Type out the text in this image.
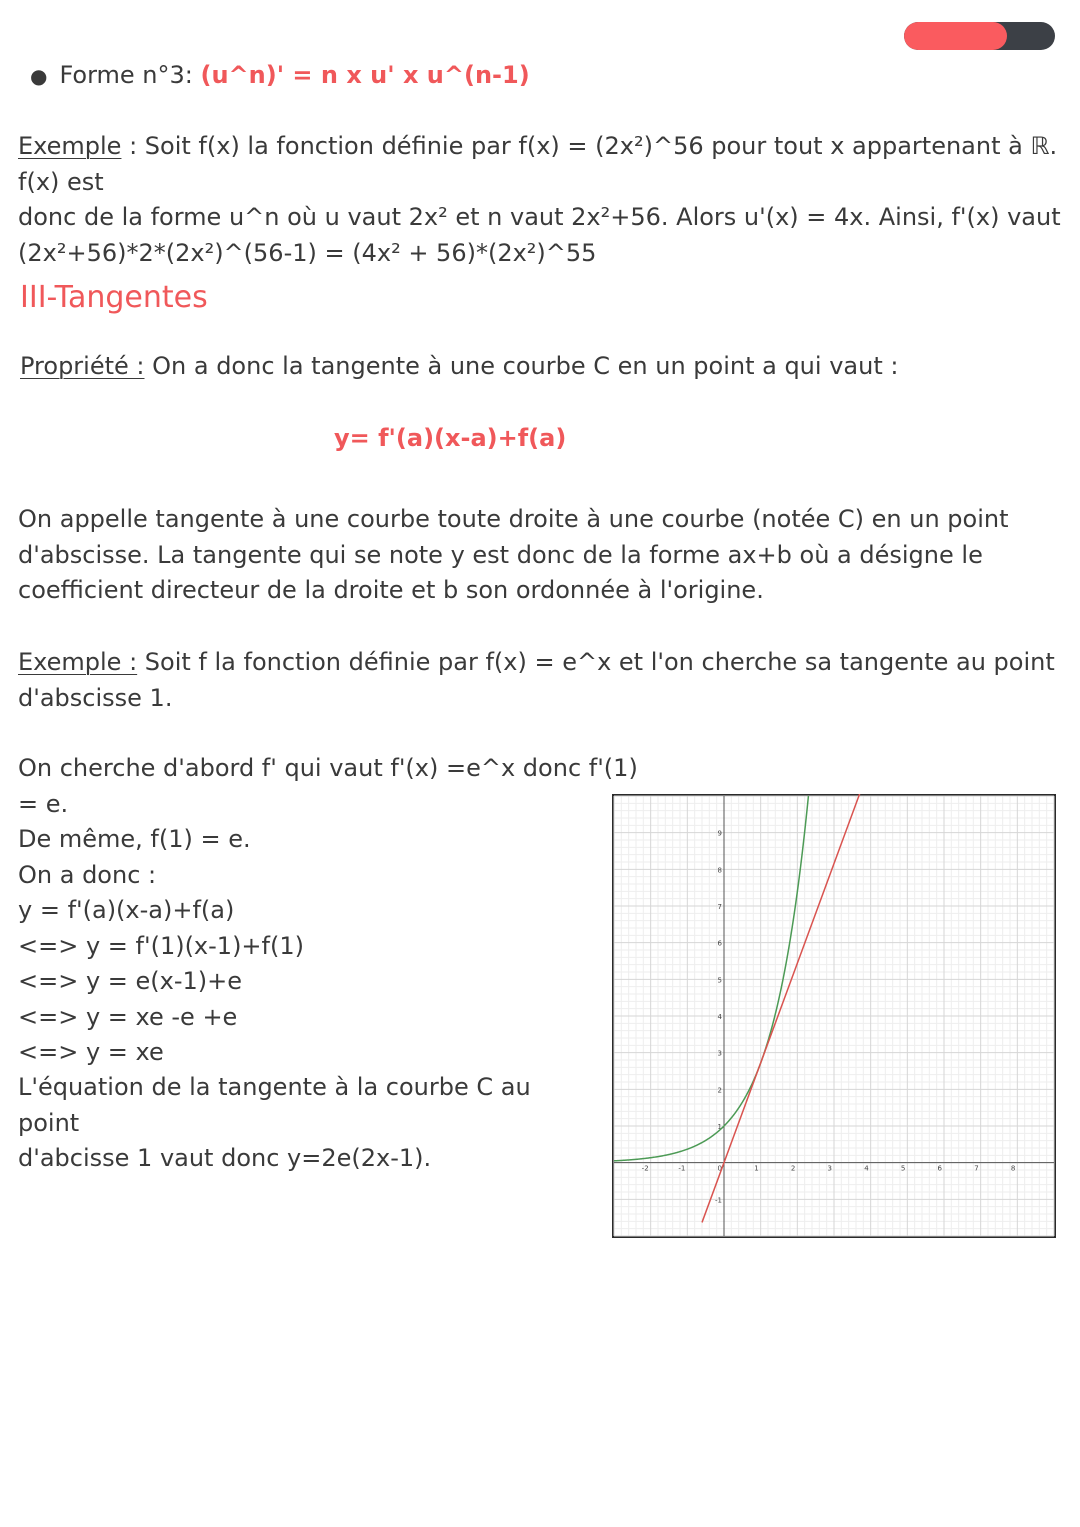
● Forme n°3: (u^n)' = n x u' x u^(n-1)

Exemple : Soit f(x) la fonction définie par f(x) = (2x²)^56 pour tout x appartenant à ℝ. f(x) est

donc de la forme u^n où u vaut 2x² et n vaut 2x²+56. Alors u'(x) = 4x. Ainsi, f'(x) vaut

(2x²+56)*2*(2x²)^(56-1) = (4x² + 56)*(2x²)^55

III-Tangentes
Propriété : On a donc la tangente à une courbe C en un point a qui vaut :
y= f'(a)(x-a)+f(a)

On appelle tangente à une courbe toute droite à une courbe (notée C) en un point

d'abscisse. La tangente qui se note y est donc de la forme ax+b où a désigne le

coefficient directeur de la droite et b son ordonnée à l'origine.

Exemple : Soit f la fonction définie par f(x) = e^x et l'on cherche sa tangente au point

d'abscisse 1.

On cherche d'abord f' qui vaut f'(x) =e^x donc f'(1) = e.

De même, f(1) = e.

On a donc :

y = f'(a)(x-a)+f(a)

<=> y = f'(1)(x-1)+f(1)

<=> y = e(x-1)+e

<=> y = xe -e +e

<=> y = xe

L'équation de la tangente à la courbe C au point

d'abcisse 1 vaut donc y=2e(2x-1).	-2	-1	0	1	2	3	4	5	6	7	8
-1
1
2
3
4
5
6
7
8
9
